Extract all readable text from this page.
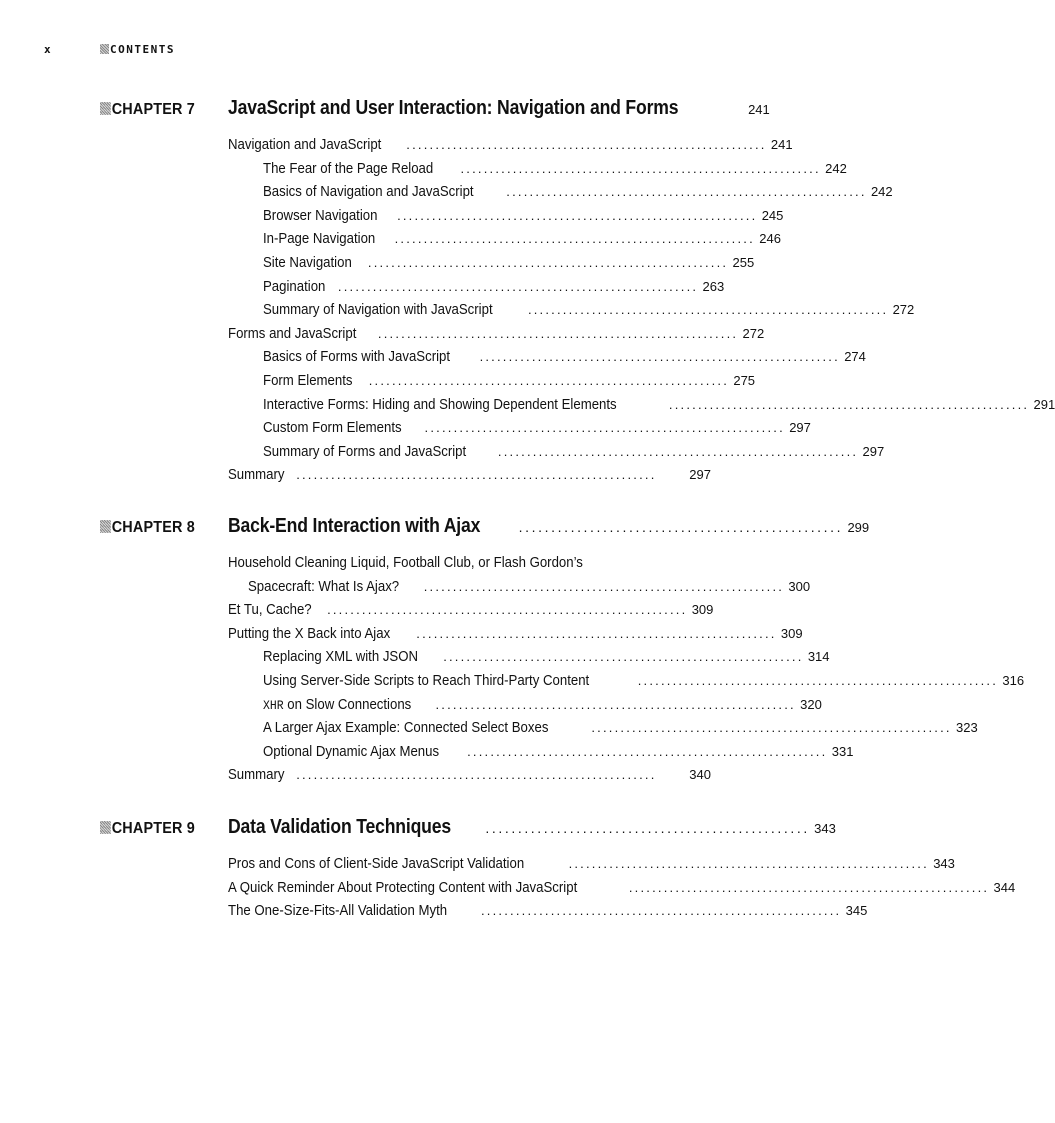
x	CONTENTS
CHAPTER 7 JavaScript and User Interaction: Navigation and Forms	241
Navigation and JavaScript .............................................................. 241
The Fear of the Page Reload .............................................................. 242
Basics of Navigation and JavaScript	.............................................................. 242
Browser Navigation .............................................................. 245
In-Page Navigation .............................................................. 246
Site Navigation .............................................................. 255
Pagination .............................................................. 263
Summary of Navigation with JavaScript	.............................................................. 272
Forms and JavaScript .............................................................. 272
Basics of Forms with JavaScript .............................................................. 274
Form Elements .............................................................. 275
Interactive Forms: Hiding and Showing Dependent Elements	.............................................................. 291
Custom Form Elements .............................................................. 297
Summary of Forms and JavaScript .............................................................. 297
Summary ..............................................................	297
CHAPTER 8 Back-End Interaction with Ajax	.................................................. 299
Household Cleaning Liquid, Football Club, or Flash Gordon’s
Spacecraft: What Is Ajax? .............................................................. 300
Et Tu, Cache? .............................................................. 309
Putting the X Back into Ajax .............................................................. 309
Replacing XML with JSON .............................................................. 314
Using Server-Side Scripts to Reach Third-Party Content	.............................................................. 316
XHR on Slow Connections .............................................................. 320
A Larger Ajax Example: Connected Select Boxes	.............................................................. 323
Optional Dynamic Ajax Menus .............................................................. 331
Summary ..............................................................	340
CHAPTER 9 Data Validation Techniques .................................................. 343
Pros and Cons of Client-Side JavaScript Validation	.............................................................. 343
A Quick Reminder About Protecting Content with JavaScript	.............................................................. 344
The One-Size-Fits-All Validation Myth	.............................................................. 345
